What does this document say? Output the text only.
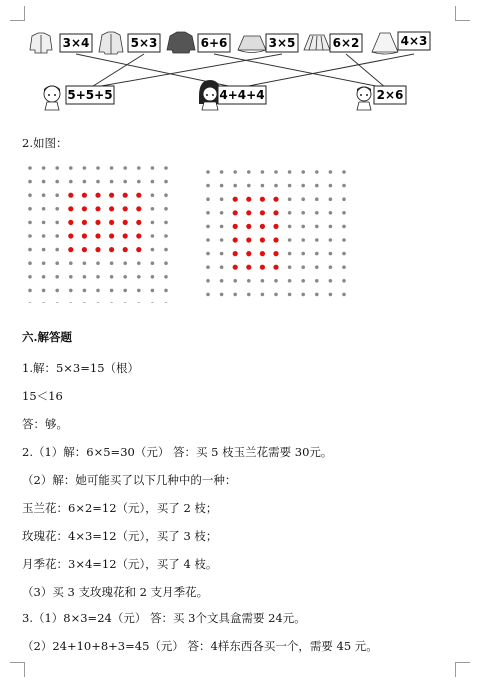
3×4	5×3	6+6	3×5	6×2	4×3
5+5+5	4+4+4	2×6
2.如图：
六.解答题
1.解：5×3=15（根）
15＜16
答：够。
2.（1）解：6×5=30（元） 答：买 5 枝玉兰花需要 30元。
（2）解：她可能买了以下几种中的一种：
玉兰花：6×2=12（元），买了 2 枝；
玫瑰花：4×3=12（元），买了 3 枝；
月季花：3×4=12（元），买了 4 枝。
（3）买 3 支玫瑰花和 2 支月季花。
3.（1）8×3=24（元） 答：买 3个文具盒需要 24元。
（2）24+10+8+3=45（元） 答：4样东西各买一个，需要 45 元。
